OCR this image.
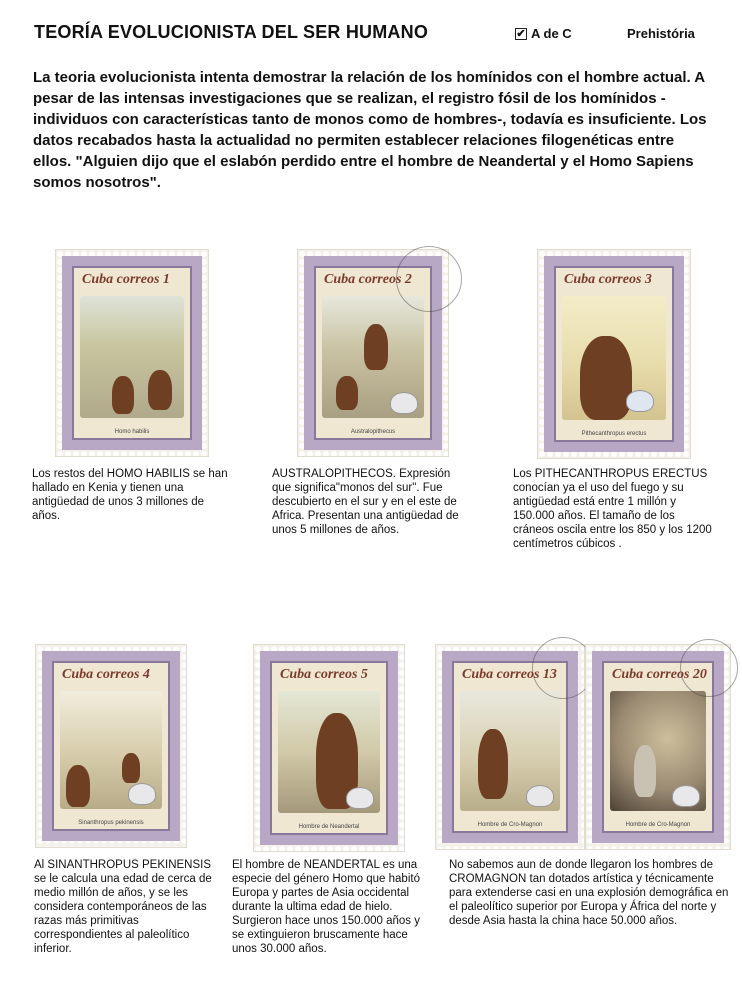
TEORÍA EVOLUCIONISTA DEL SER HUMANO	✔ A de C	Prehistória
La teoria evolucionista intenta demostrar la relación de los homínidos con el hombre actual. A pesar de las intensas investigaciones que se realizan, el registro fósil de los homínidos -individuos con características tanto de monos como de hombres-, todavía es insuficiente. Los datos recabados hasta la actualidad no permiten establecer relaciones filogenéticas entre ellos. "Alguien dijo que el eslabón perdido entre el hombre de Neandertal y el Homo Sapiens somos nosotros".
Cuba correos 1
Homo habilis
Cuba correos 2
Australopithecus
Cuba correos 3
Pithecanthropus erectus
Los restos del HOMO HABILIS se han hallado en Kenia y tienen una antigüedad de unos 3 millones de años.
AUSTRALOPITHECOS. Expresión que significa"monos del sur". Fue descubierto en el sur y en el este de Africa. Presentan una antigüedad de unos 5 millones de años.
Los PITHECANTHROPUS ERECTUS conocían ya el uso del fuego y su antigüedad está entre 1 millón y 150.000 años. El tamaño de los cráneos oscila entre los 850 y los 1200 centímetros cúbicos .
Cuba correos 4
Sinanthropus pekinensis
Cuba correos 5
Hombre de Neandertal
Cuba correos 13
Hombre de Cro-Magnon
Cuba correos 20
Hombre de Cro-Magnon
Al SINANTHROPUS PEKINENSIS se le calcula una edad de cerca de medio millón de años, y se les considera contemporáneos de las razas más primitivas correspondientes al paleolítico inferior.
El hombre de NEANDERTAL es una especie del género Homo que habitó Europa y partes de Asia occidental durante la ultima edad de hielo. Surgieron hace unos 150.000 años y se extinguieron bruscamente hace unos 30.000 años.
No sabemos aun de donde llegaron los hombres de CROMAGNON tan dotados artística y técnicamente para extenderse casi en una explosión demográfica en el paleolítico superior por Europa y África del norte y desde Asia hasta la china hace 50.000 años.
